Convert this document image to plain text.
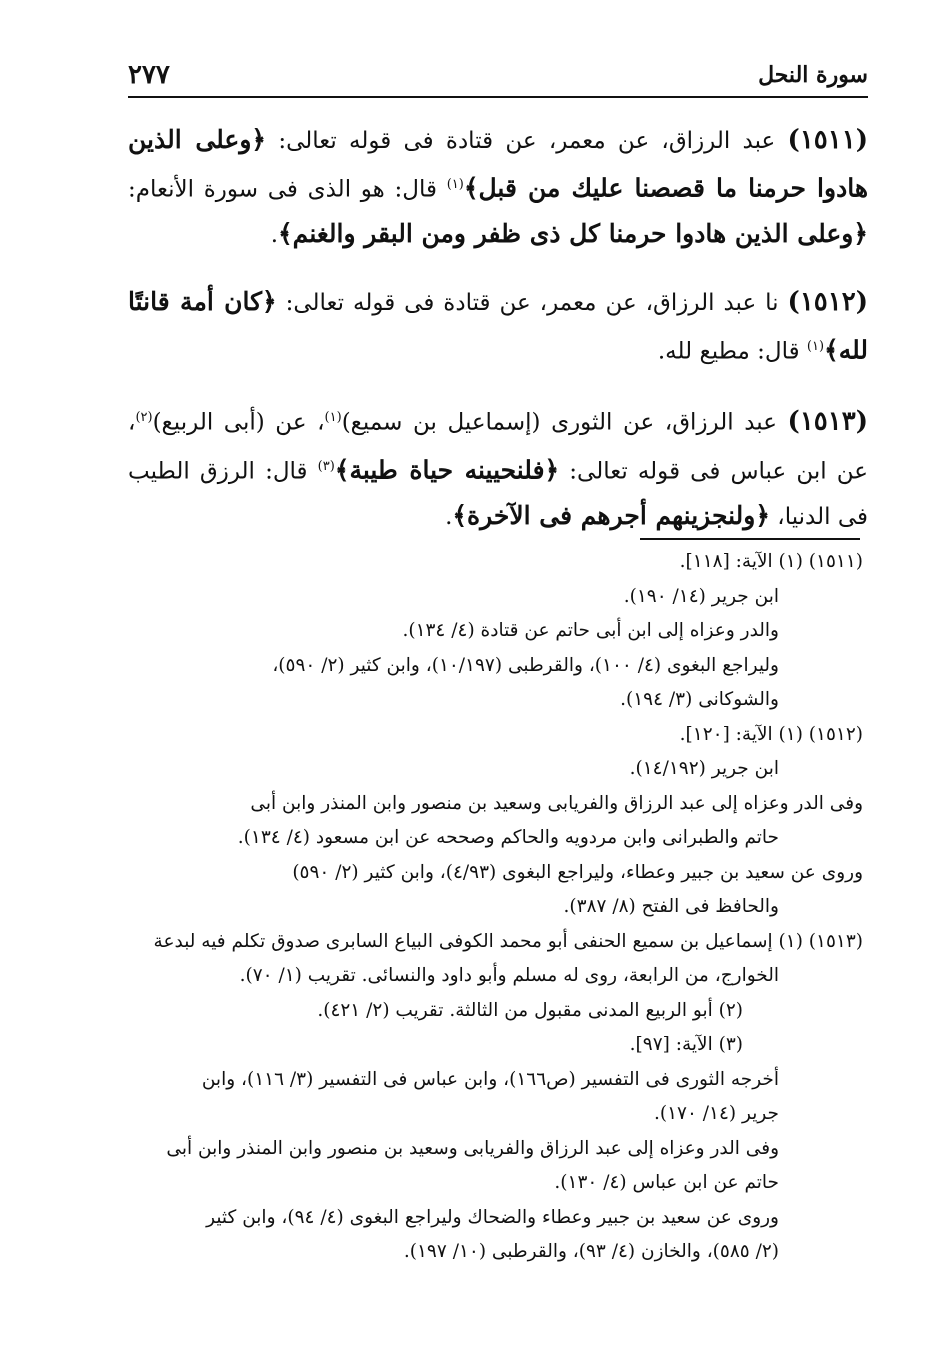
٢٧٧	سورة النحل

(١٥١١) عبد الرزاق، عن معمر، عن قتادة فى قوله تعالى: ﴿وعلى الذين هادوا حرمنا ما قصصنا عليك من قبل﴾$^{(١)}$ قال: هو الذى فى سورة الأنعام: ﴿وعلى الذين هادوا حرمنا كل ذى ظفر ومن البقر والغنم﴾.

(١٥١٢) نا عبد الرزاق، عن معمر، عن قتادة فى قوله تعالى: ﴿كان أمة قانتًا لله﴾$^{(١)}$ قال: مطيع لله.

(١٥١٣) عبد الرزاق، عن الثورى (إسماعيل بن سميع)$^{(١)}$، عن (أبى الربيع)$^{(٢)}$، عن ابن عباس فى قوله تعالى: ﴿فلنحيينه حياة طيبة﴾$^{(٣)}$ قال: الرزق الطيب فى الدنيا، ﴿ولنجزينهم أجرهم فى الآخرة﴾.

(١٥١١) (١) الآية: [١١٨].
ابن جرير (١٤/ ١٩٠).
والدر وعزاه إلى ابن أبى حاتم عن قتادة (٤/ ١٣٤).
وليراجع البغوى (٤/ ١٠٠)، والقرطبى (١٠/١٩٧)، وابن كثير (٢/ ٥٩٠)،
والشوكانى (٣/ ١٩٤).
(١٥١٢) (١) الآية: [١٢٠].
ابن جرير (١٤/١٩٢).
وفى الدر وعزاه إلى عبد الرزاق والفريابى وسعيد بن منصور وابن المنذر وابن أبى
حاتم والطبرانى وابن مردويه والحاكم وصححه عن ابن مسعود (٤/ ١٣٤).
وروى عن سعيد بن جبير وعطاء، وليراجع البغوى (٤/٩٣)، وابن كثير (٢/ ٥٩٠)
والحافظ فى الفتح (٨/ ٣٨٧).
(١٥١٣) (١) إسماعيل بن سميع الحنفى أبو محمد الكوفى البياع السابرى صدوق تكلم فيه لبدعة
الخوارج، من الرابعة، روى له مسلم وأبو داود والنسائى. تقريب (١/ ٧٠).
(٢) أبو الربيع المدنى مقبول من الثالثة. تقريب (٢/ ٤٢١).
(٣) الآية: [٩٧].
أخرجه الثورى فى التفسير (ص١٦٦)، وابن عباس فى التفسير (٣/ ١١٦)، وابن
جرير (١٤/ ١٧٠).
وفى الدر وعزاه إلى عبد الرزاق والفريابى وسعيد بن منصور وابن المنذر وابن أبى
حاتم عن ابن عباس (٤/ ١٣٠).
وروى عن سعيد بن جبير وعطاء والضحاك وليراجع البغوى (٤/ ٩٤)، وابن كثير
(٢/ ٥٨٥)، والخازن (٤/ ٩٣)، والقرطبى (١٠/ ١٩٧).
